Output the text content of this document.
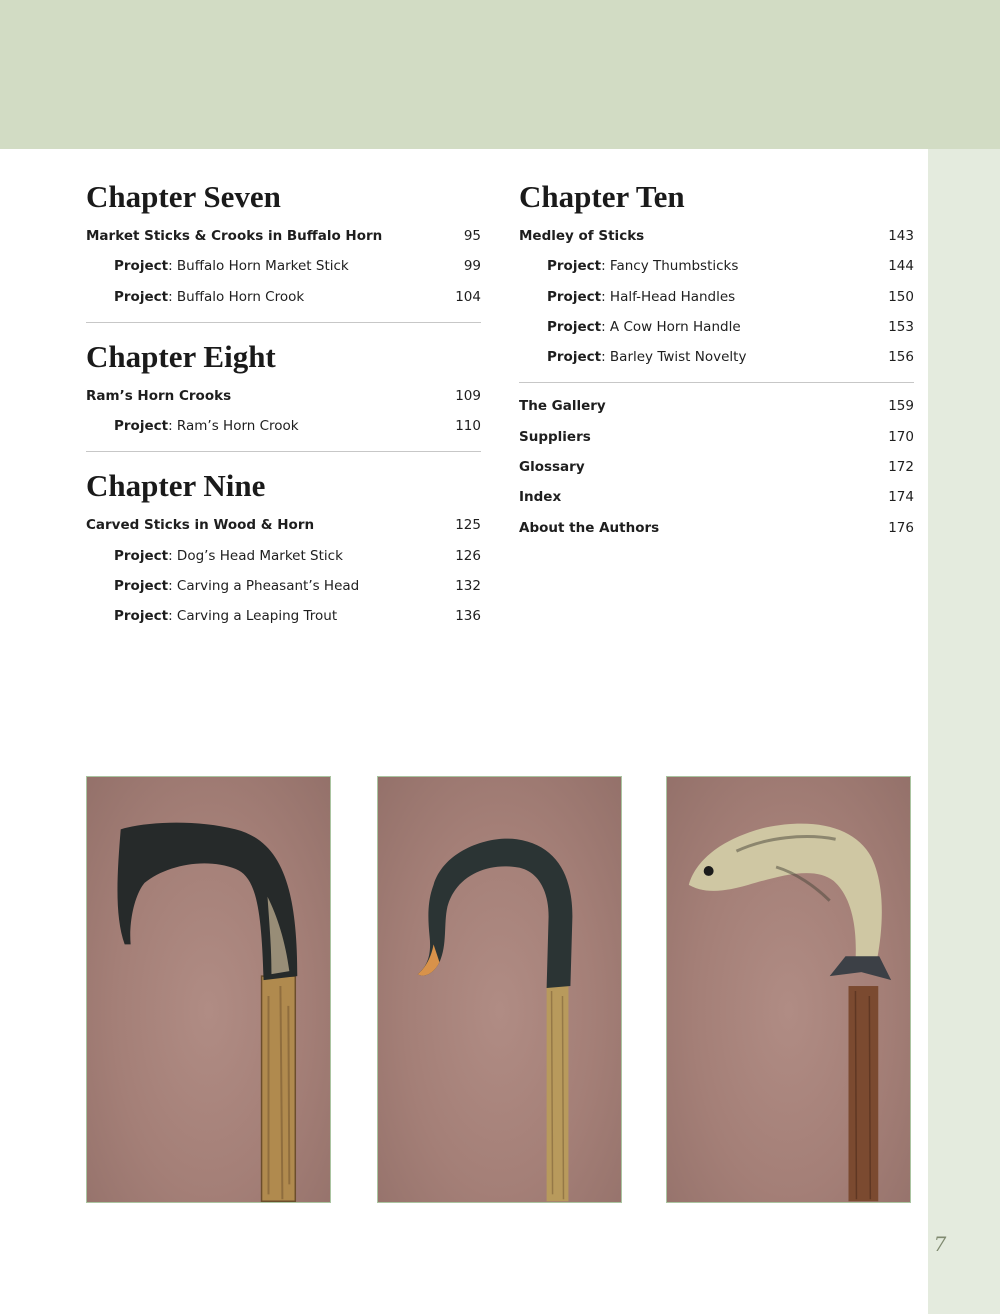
Chapter Seven
Market Sticks & Crooks in Buffalo Horn	95
Project: Buffalo Horn Market Stick	99
Project: Buffalo Horn Crook	104
Chapter Eight
Ram’s Horn Crooks	109
Project: Ram’s Horn Crook	110
Chapter Nine
Carved Sticks in Wood & Horn	125
Project: Dog’s Head Market Stick	126
Project: Carving a Pheasant’s Head	132
Project: Carving a Leaping Trout	136
Chapter Ten
Medley of Sticks	143
Project: Fancy Thumbsticks	144
Project: Half-Head Handles	150
Project: A Cow Horn Handle	153
Project: Barley Twist Novelty	156
The Gallery	159
Suppliers	170
Glossary	172
Index	174
About the Authors	176
7
